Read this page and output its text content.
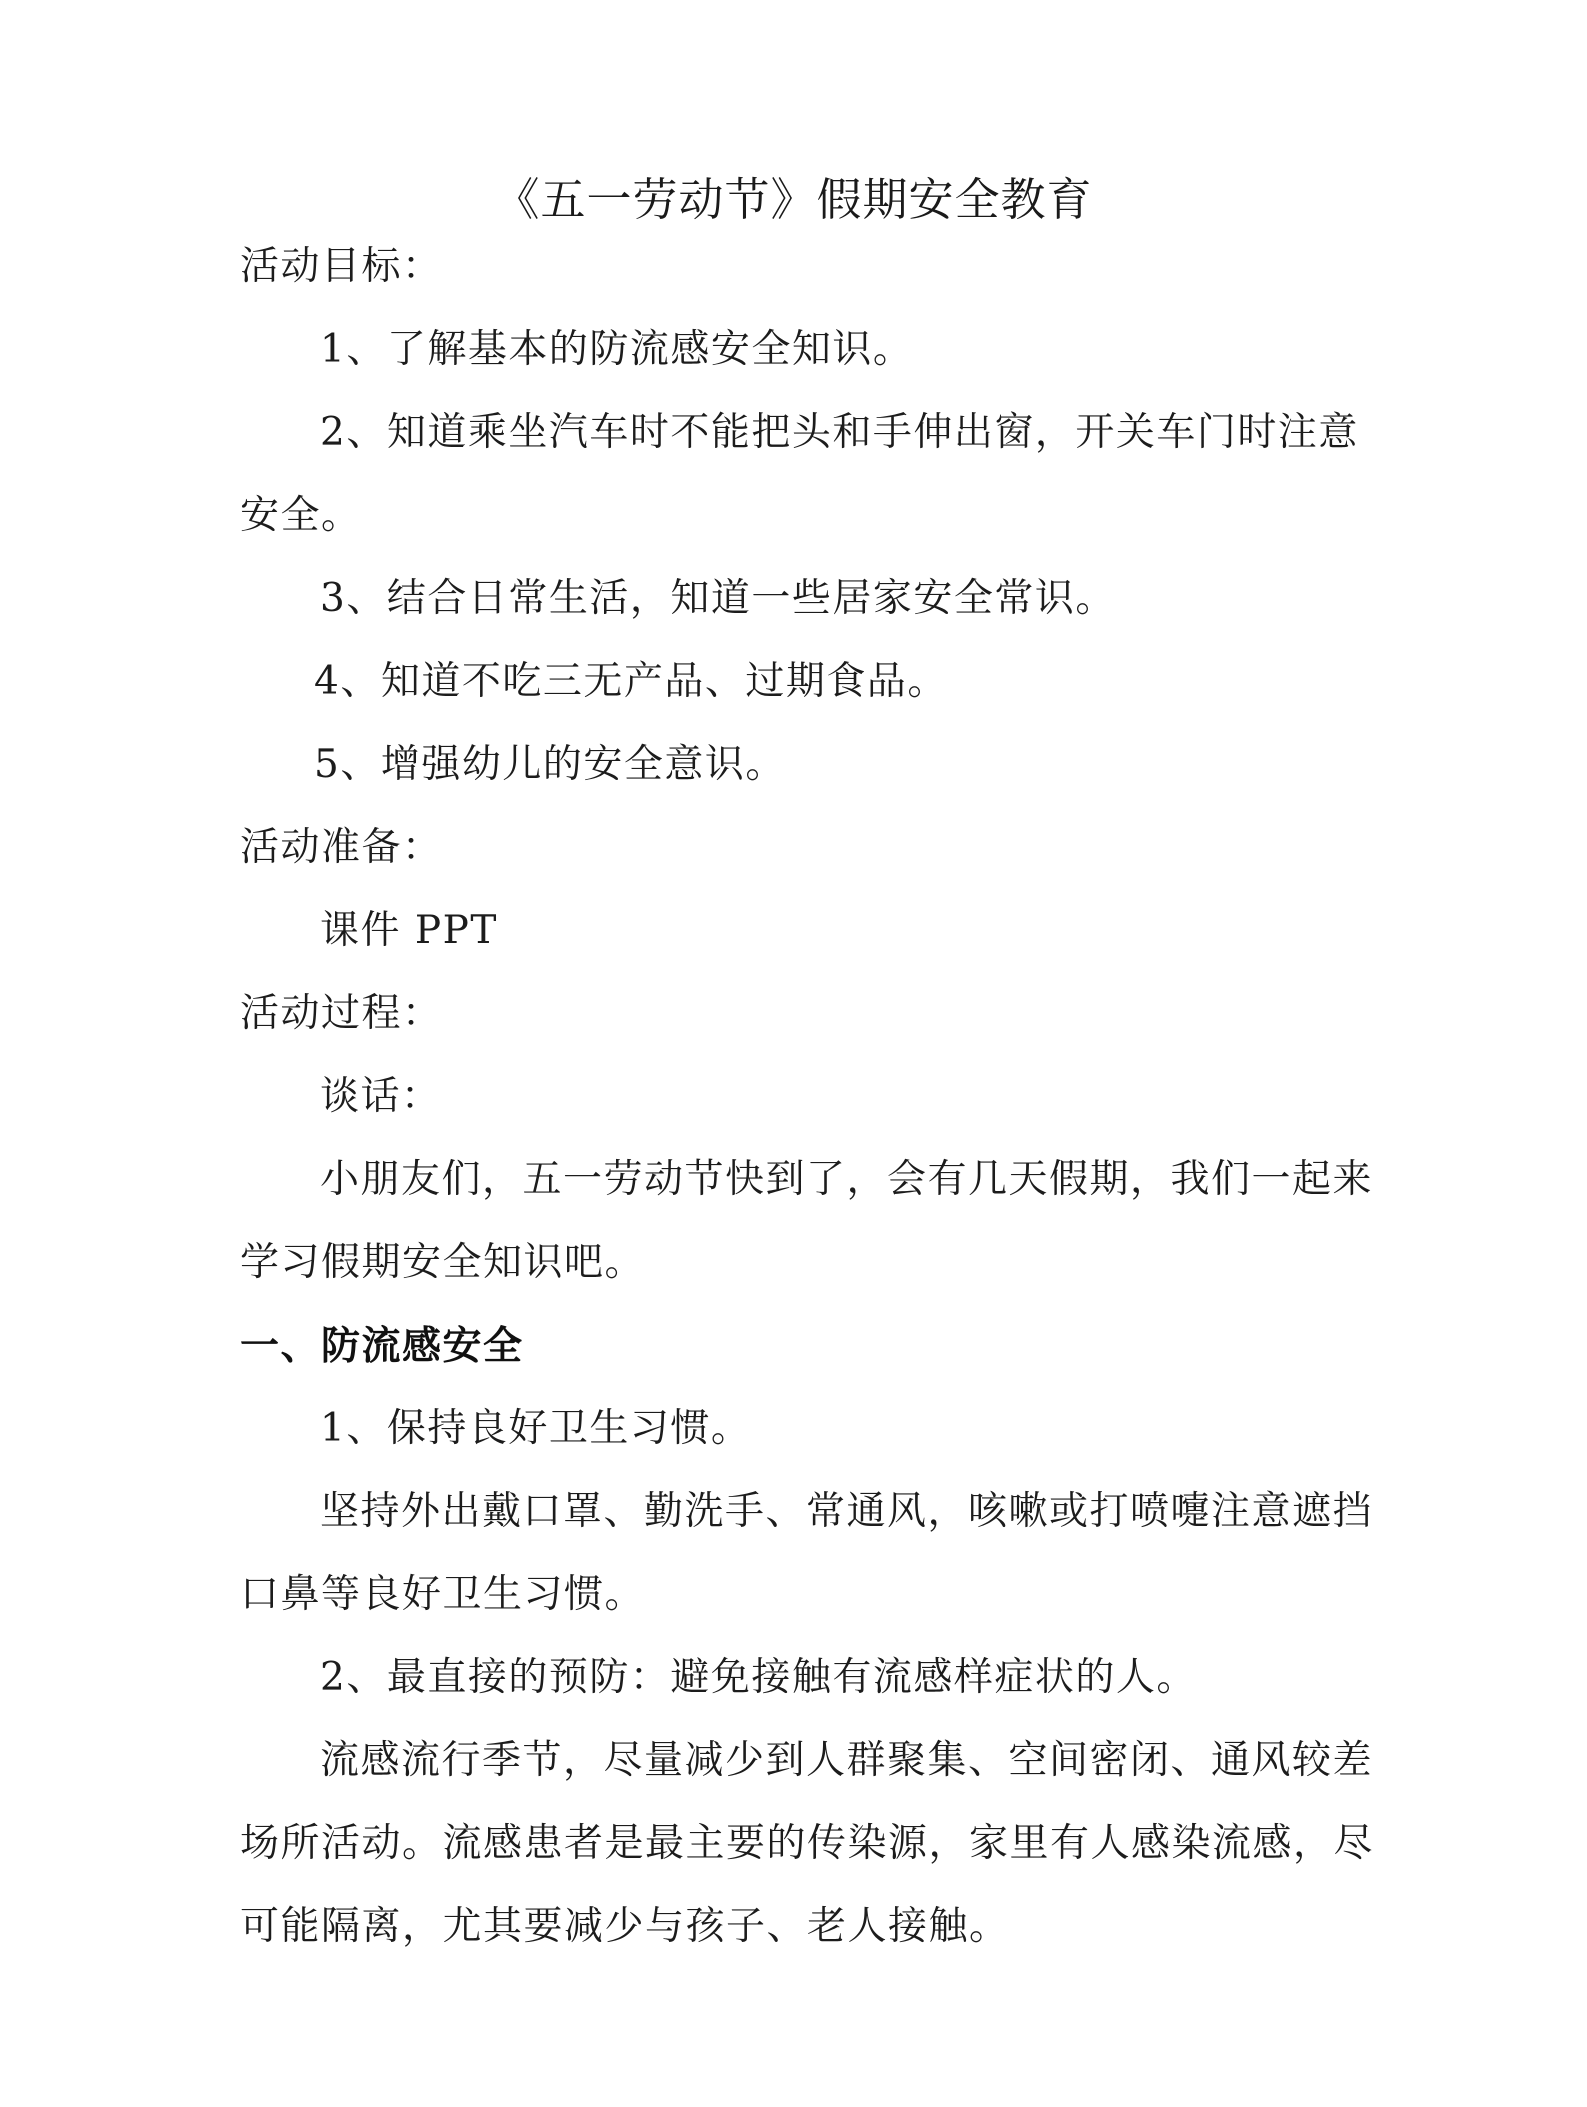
《五一劳动节》假期安全教育
活动目标：
1、了解基本的防流感安全知识。
2、知道乘坐汽车时不能把头和手伸出窗，开关车门时注意
安全。
3、结合日常生活，知道一些居家安全常识。
4、知道不吃三无产品、过期食品。
5、增强幼儿的安全意识。
活动准备：
课件 PPT
活动过程：
谈话：
小朋友们，五一劳动节快到了，会有几天假期，我们一起来
学习假期安全知识吧。
一、防流感安全
1、保持良好卫生习惯。
坚持外出戴口罩、勤洗手、常通风，咳嗽或打喷嚏注意遮挡
口鼻等良好卫生习惯。
2、最直接的预防：避免接触有流感样症状的人。
流感流行季节，尽量减少到人群聚集、空间密闭、通风较差
场所活动。流感患者是最主要的传染源，家里有人感染流感，尽
可能隔离，尤其要减少与孩子、老人接触。
